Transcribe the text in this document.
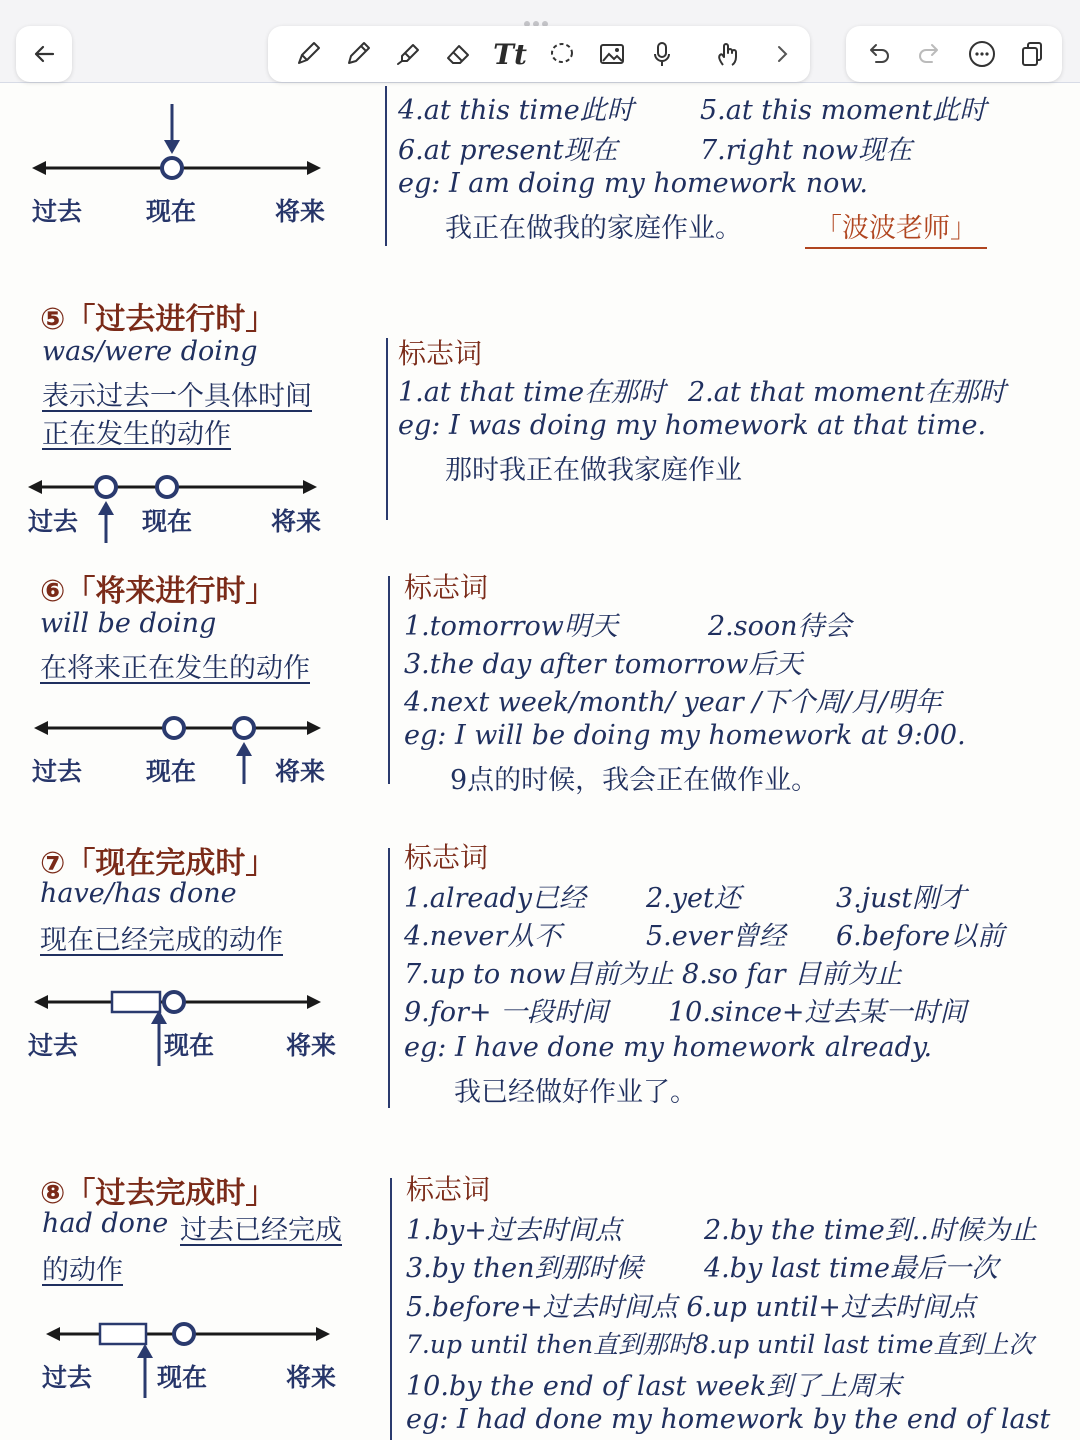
Tt
过去	现在	将来
4.at this time此时 5.at this moment此时
6.at present现在	7.right now现在
eg: I am doing my homework now.
我正在做我的家庭作业。	「波波老师」
⑤「过去进行时」
was/were doing
表示过去一个具体时间
正在发生的动作
过去	现在	将来
标志词
1.at that time在那时 2.at that moment在那时
eg: I was doing my homework at that time.
那时我正在做我家庭作业
⑥「将来进行时」
will be doing
在将来正在发生的动作
过去	现在	将来
标志词
1.tomorrow明天	2.soon待会
3.the day after tomorrow后天
4.next week/month/ year /下个周/月/明年
eg: I will be doing my homework at 9:00.
9点的时候，我会正在做作业。
⑦「现在完成时」
have/has done
现在已经完成的动作
过去	现在	将来
标志词
1.already已经 2.yet还	3.just刚才
4.never从不	5.ever曾经 6.before以前
7.up to now目前为止 8.so far 目前为止
9.for+ 一段时间 10.since+过去某一时间
eg: I have done my homework already.
我已经做好作业了。
⑧「过去完成时」
had done 过去已经完成
的动作
过去	现在	将来
标志词
1.by+过去时间点	2.by the time到..时候为止
3.by then到那时候 4.by last time最后一次
5.before+过去时间点 6.up until+过去时间点
7.up until then直到那时8.up until last time直到上次
10.by the end of last week到了上周末
eg: I had done my homework by the end of last
